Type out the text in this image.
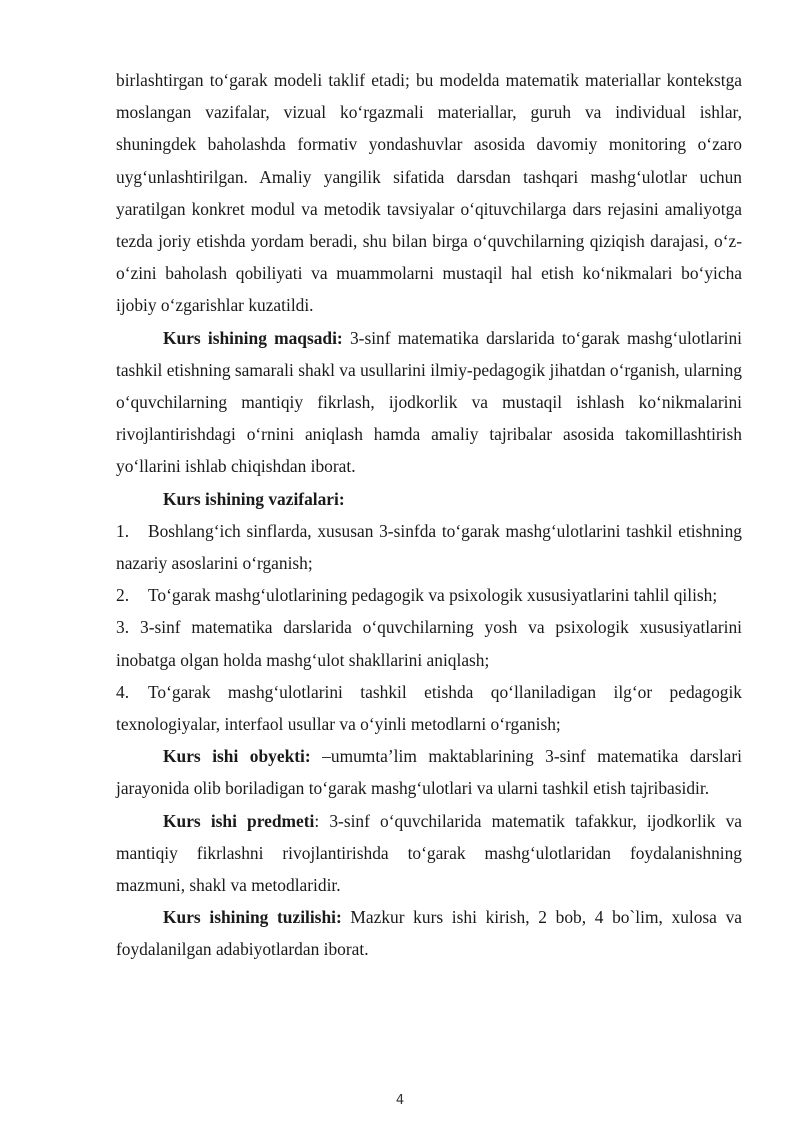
birlashtirgan to‘garak modeli taklif etadi; bu modelda matematik materiallar kontekstga moslangan vazifalar, vizual ko‘rgazmali materiallar, guruh va individual ishlar, shuningdek baholashda formativ yondashuvlar asosida davomiy monitoring o‘zaro uyg‘unlashtirilgan. Amaliy yangilik sifatida darsdan tashqari mashg‘ulotlar uchun yaratilgan konkret modul va metodik tavsiyalar o‘qituvchilarga dars rejasini amaliyotga tezda joriy etishda yordam beradi, shu bilan birga o‘quvchilarning qiziqish darajasi, o‘z-o‘zini baholash qobiliyati va muammolarni mustaqil hal etish ko‘nikmalari bo‘yicha ijobiy o‘zgarishlar kuzatildi.

Kurs ishining maqsadi: 3-sinf matematika darslarida to‘garak mashg‘ulotlarini tashkil etishning samarali shakl va usullarini ilmiy-pedagogik jihatdan o‘rganish, ularning o‘quvchilarning mantiqiy fikrlash, ijodkorlik va mustaqil ishlash ko‘nikmalarini rivojlantirishdagi o‘rnini aniqlash hamda amaliy tajribalar asosida takomillashtirish yo‘llarini ishlab chiqishdan iborat.

Kurs ishining vazifalari:

1. Boshlang‘ich sinflarda, xususan 3-sinfda to‘garak mashg‘ulotlarini tashkil etishning nazariy asoslarini o‘rganish;

2. To‘garak mashg‘ulotlarining pedagogik va psixologik xususiyatlarini tahlil qilish;

3. 3-sinf matematika darslarida o‘quvchilarning yosh va psixologik xususiyatlarini inobatga olgan holda mashg‘ulot shakllarini aniqlash;

4. To‘garak mashg‘ulotlarini tashkil etishda qo‘llaniladigan ilg‘or pedagogik texnologiyalar, interfaol usullar va o‘yinli metodlarni o‘rganish;

Kurs ishi obyekti: –umumta’lim maktablarining 3-sinf matematika darslari jarayonida olib boriladigan to‘garak mashg‘ulotlari va ularni tashkil etish tajribasidir.

Kurs ishi predmeti: 3-sinf o‘quvchilarida matematik tafakkur, ijodkorlik va mantiqiy fikrlashni rivojlantirishda to‘garak mashg‘ulotlaridan foydalanishning mazmuni, shakl va metodlaridir.

Kurs ishining tuzilishi: Mazkur kurs ishi kirish, 2 bob, 4 bo`lim, xulosa va foydalanilgan adabiyotlardan iborat.

4
